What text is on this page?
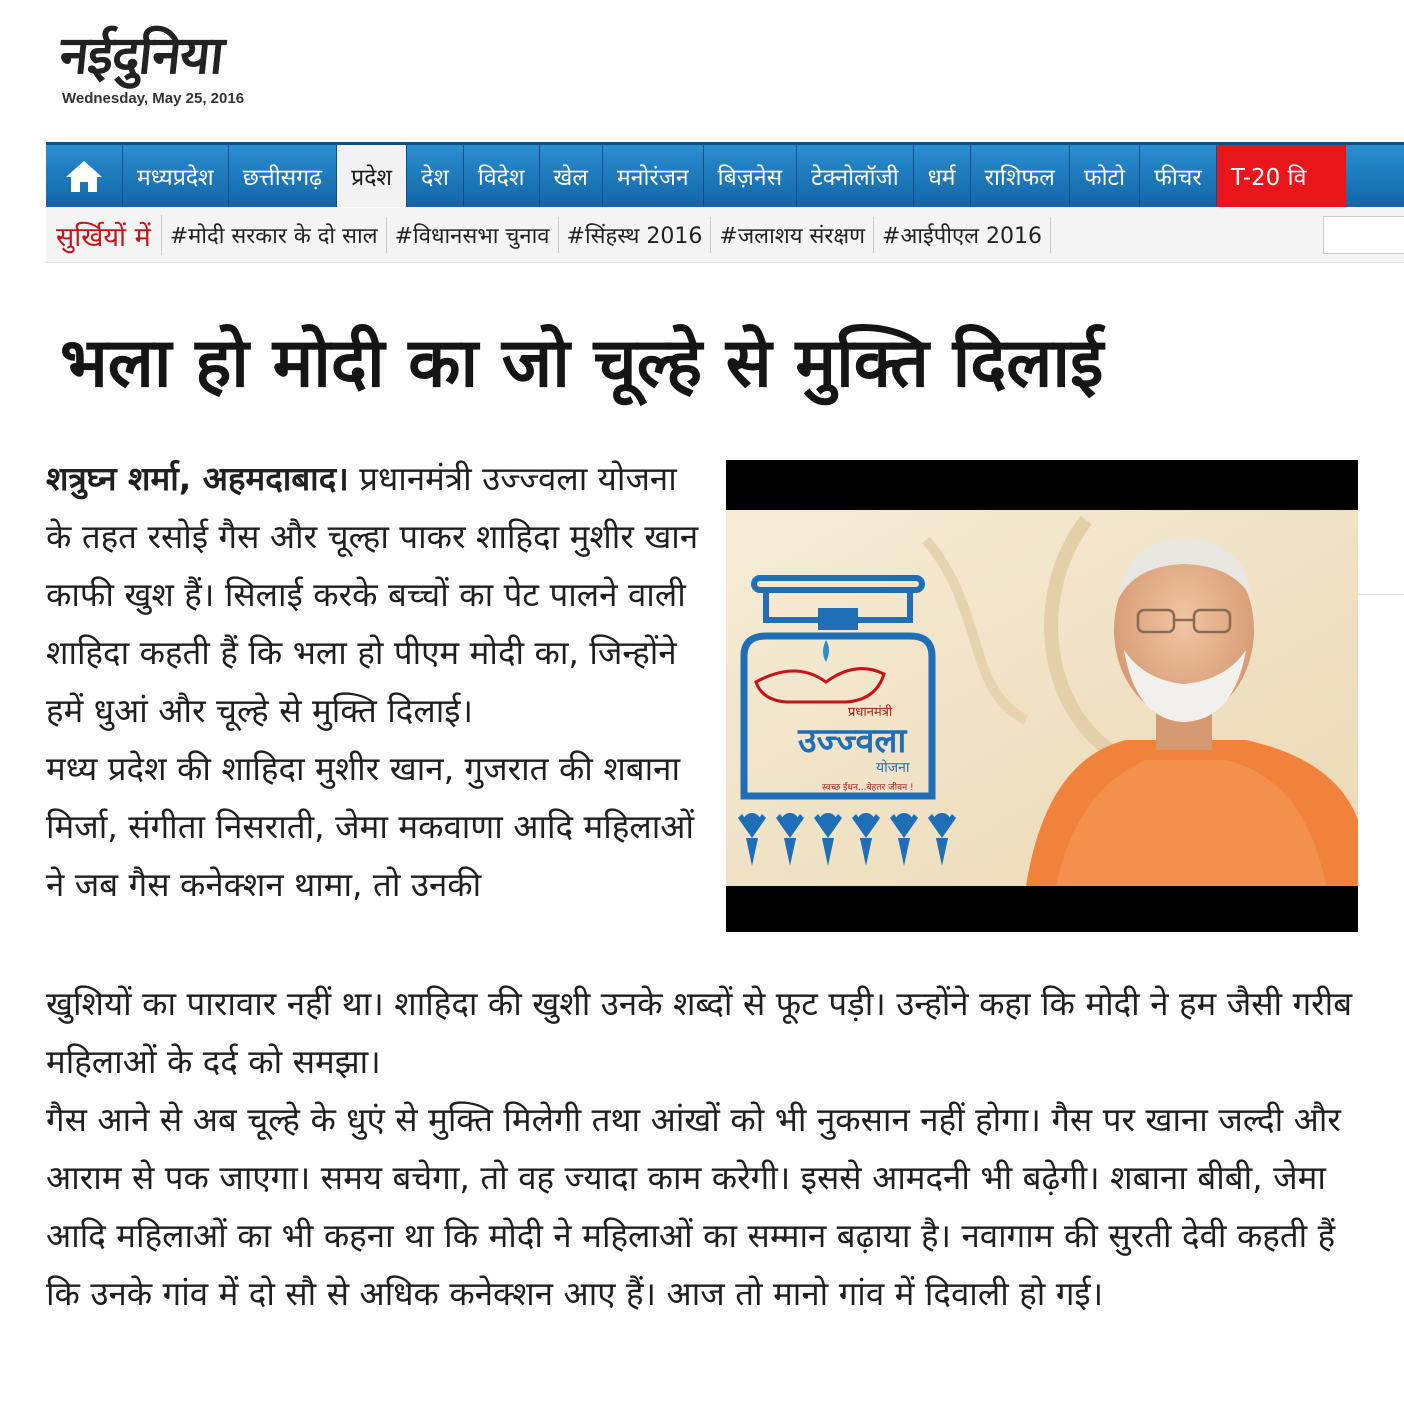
नईदुनिया
Wednesday, May 25, 2016
मध्यप्रदेश	छत्तीसगढ़	प्रदेश	देश	विदेश	खेल	मनोरंजन	बिज़नेस	टेक्नोलॉजी	धर्म	राशिफल	फोटो	फीचर	T-20 वि
सुर्खियों में #मोदी सरकार के दो साल #विधानसभा चुनाव #सिंहस्थ 2016 #जलाशय संरक्षण #आईपीएल 2016
भला हो मोदी का जो चूल्हे से मुक्ति दिलाई

शत्रुघ्न शर्मा, अहमदाबाद। प्रधानमंत्री उज्ज्वला योजना के तहत रसोई गैस और चूल्हा पाकर शाहिदा मुशीर खान काफी खुश हैं। सिलाई करके बच्चों का पेट पालने वाली शाहिदा कहती हैं कि भला हो पीएम मोदी का, जिन्होंने हमें धुआं और चूल्हे से मुक्ति दिलाई।

मध्य प्रदेश की शाहिदा मुशीर खान, गुजरात की शबाना मिर्जा, संगीता निसराती, जेमा मकवाणा आदि महिलाओं ने जब गैस कनेक्शन थामा, तो उनकी

प्रधानमंत्री
उज्ज्वला
योजना
स्वच्छ ईंधन...बेहतर जीवन !

खुशियों का पारावार नहीं था। शाहिदा की खुशी उनके शब्दों से फूट पड़ी। उन्होंने कहा कि मोदी ने हम जैसी गरीब महिलाओं के दर्द को समझा।

गैस आने से अब चूल्हे के धुएं से मुक्ति मिलेगी तथा आंखों को भी नुकसान नहीं होगा। गैस पर खाना जल्दी और आराम से पक जाएगा। समय बचेगा, तो वह ज्यादा काम करेगी। इससे आमदनी भी बढ़ेगी। शबाना बीबी, जेमा आदि महिलाओं का भी कहना था कि मोदी ने महिलाओं का सम्मान बढ़ाया है। नवागाम की सुरती देवी कहती हैं कि उनके गांव में दो सौ से अधिक कनेक्शन आए हैं। आज तो मानो गांव में दिवाली हो गई।
